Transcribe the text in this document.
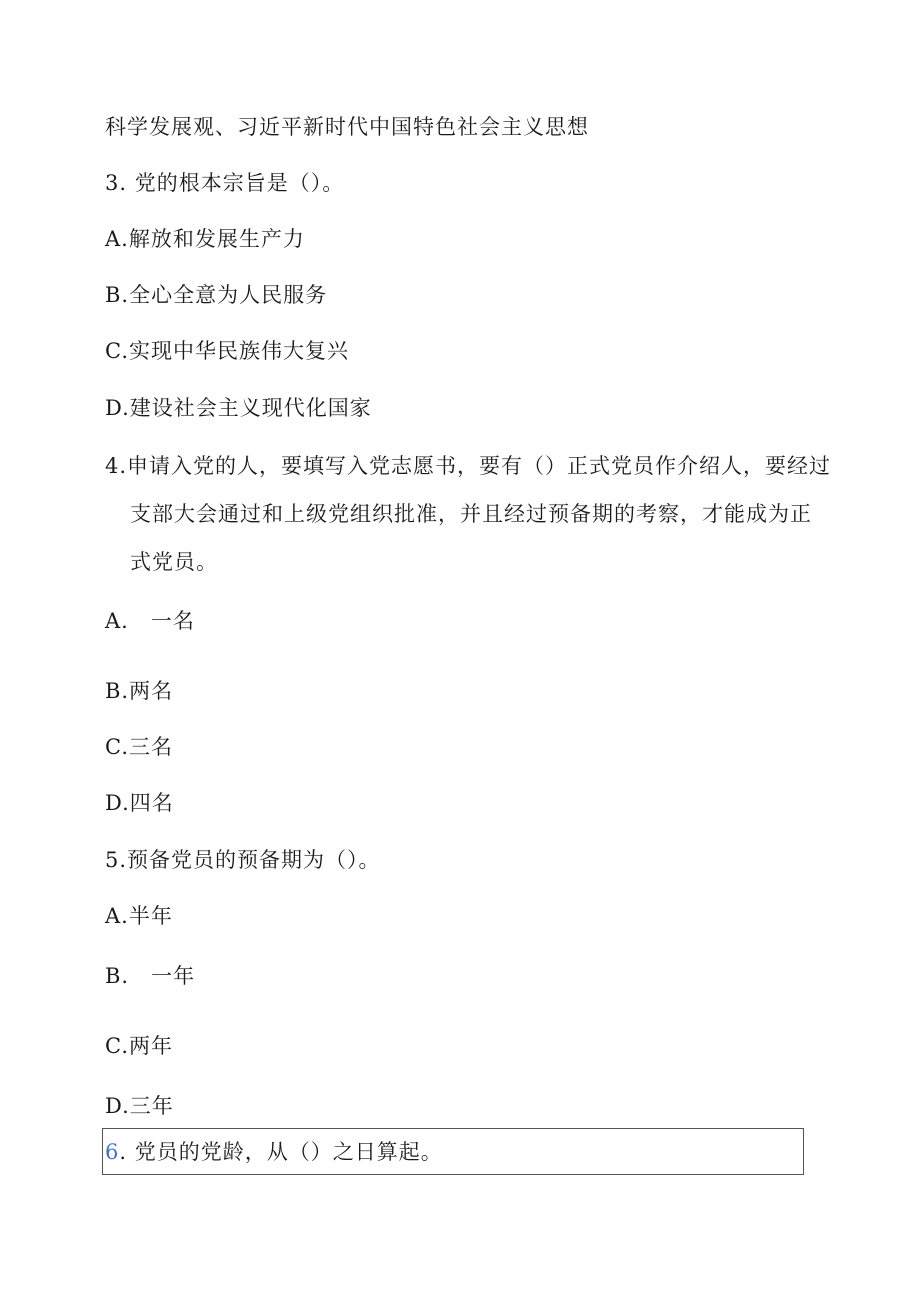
科学发展观、习近平新时代中国特色社会主义思想
3. 党的根本宗旨是（）。
A.解放和发展生产力
B.全心全意为人民服务
C.实现中华民族伟大复兴
D.建设社会主义现代化国家
4.申请入党的人，要填写入党志愿书，要有（）正式党员作介绍人，要经过
支部大会通过和上级党组织批准，并且经过预备期的考察，才能成为正
式党员。
A. 一名
B.两名
C.三名
D.四名
5.预备党员的预备期为（）。
A.半年
B. 一年
C.两年
D.三年
6. 党员的党龄，从（）之日算起。
